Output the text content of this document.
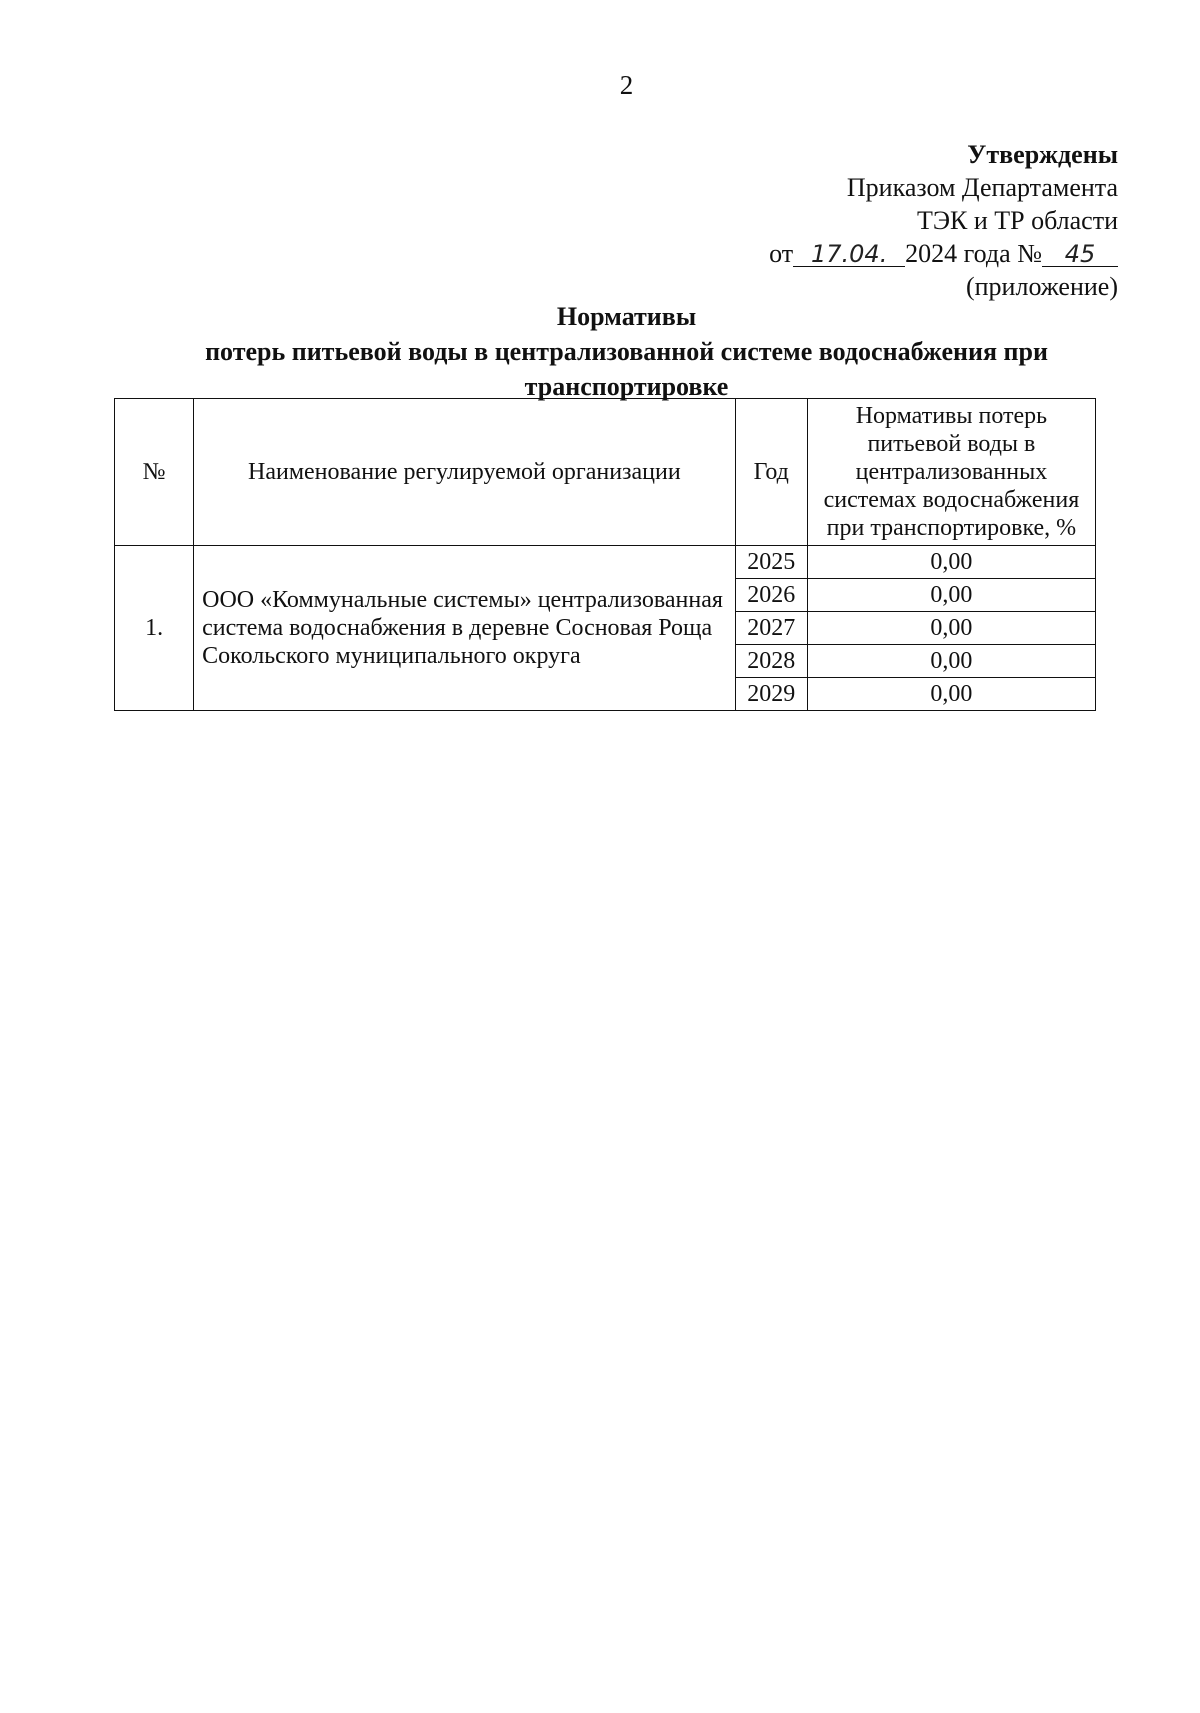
2
Утверждены
Приказом Департамента
ТЭК и ТР области
от 17.04. 2024 года № 45
(приложение)
Нормативы
потерь питьевой воды в централизованной системе водоснабжения при
транспортировке
№	Наименование регулируемой организации	Год	Нормативы потерь питьевой воды в централизованных системах водоснабжения при транспортировке, %
1.	ООО «Коммунальные системы» централизованная система водоснабжения в деревне Сосновая Роща Сокольского муниципального округа	2025	0,00
		2026	0,00
		2027	0,00
		2028	0,00
		2029	0,00
